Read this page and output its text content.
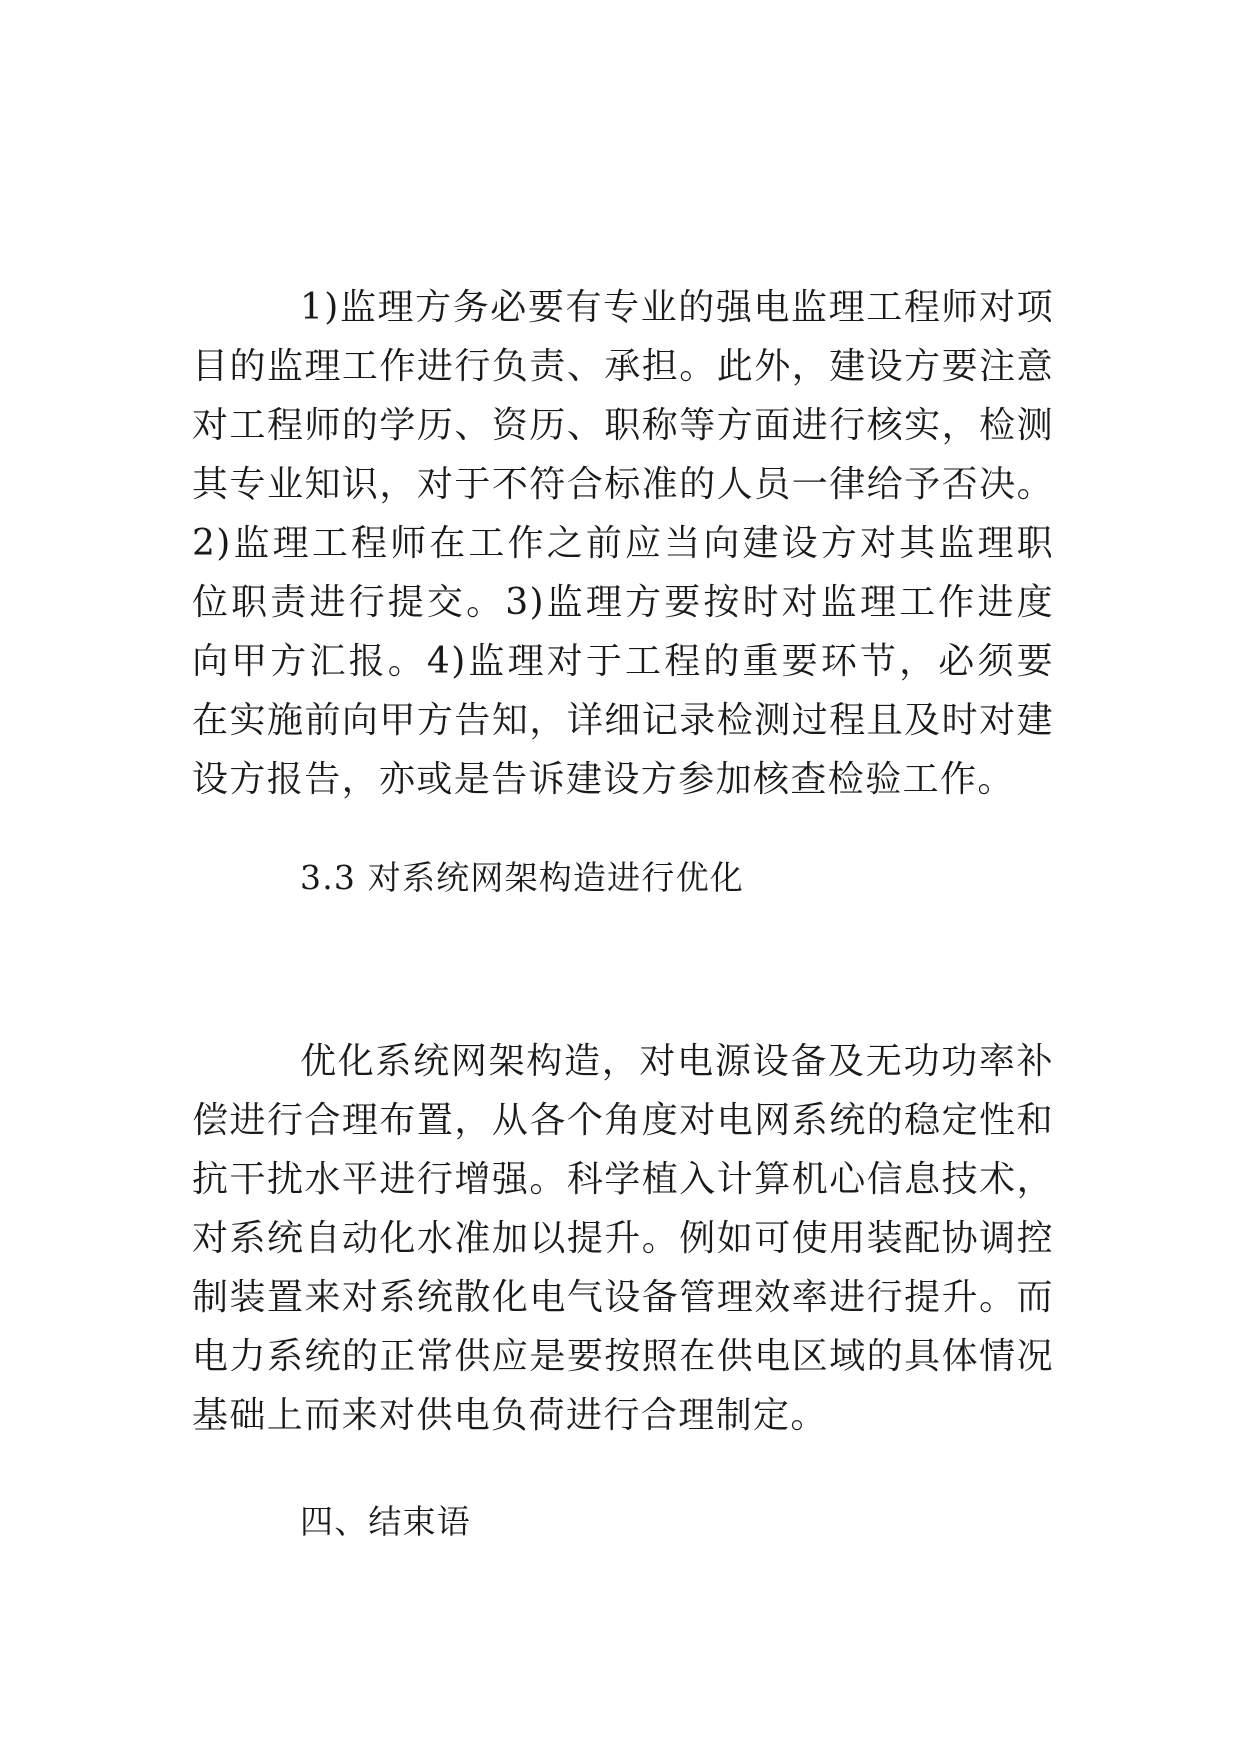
1)监理方务必要有专业的强电监理工程师对项目的监理工作进行负责、承担。此外，建设方要注意对工程师的学历、资历、职称等方面进行核实，检测其专业知识，对于不符合标准的人员一律给予否决。2)监理工程师在工作之前应当向建设方对其监理职位职责进行提交。3)监理方要按时对监理工作进度向甲方汇报。4)监理对于工程的重要环节，必须要在实施前向甲方告知，详细记录检测过程且及时对建设方报告，亦或是告诉建设方参加核查检验工作。

3.3 对系统网架构造进行优化

优化系统网架构造，对电源设备及无功功率补偿进行合理布置，从各个角度对电网系统的稳定性和抗干扰水平进行增强。科学植入计算机心信息技术，对系统自动化水准加以提升。例如可使用装配协调控制装置来对系统散化电气设备管理效率进行提升。而电力系统的正常供应是要按照在供电区域的具体情况基础上而来对供电负荷进行合理制定。

四、结束语
